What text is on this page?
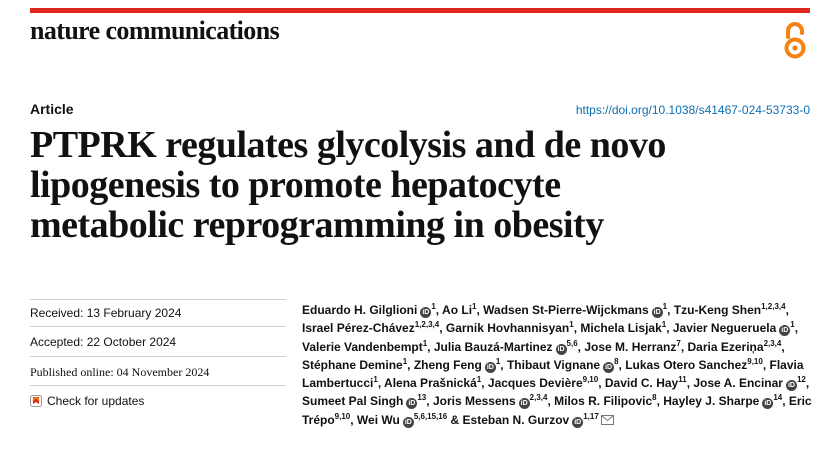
nature communications
Article	https://doi.org/10.1038/s41467-024-53733-0
PTPRK regulates glycolysis and de novo
lipogenesis to promote hepatocyte
metabolic reprogramming in obesity
Received: 13 February 2024
Accepted: 22 October 2024
Published online: 04 November 2024
Check for updates
Eduardo H. Gilglioni $iD^1$, Ao Li$^1$, Wadsen St-Pierre-Wijckmans $iD^1$, Tzu-Keng Shen$^{1,2,3,4}$, Israel Pérez-Chávez$^{1,2,3,4}$, Garnik Hovhannisyan$^1$, Michela Lisjak$^1$, Javier Negueruela $iD^1$, Valerie Vandenbempt$^1$, Julia Bauzá-Martinez iD$^{5,6}$, Jose M. Herranz$^7$, Daria Ezeriņa$^{2,3,4}$, Stéphane Demine$^1$, Zheng Feng $iD^1$, Thibaut Vignane $iD^8$, Lukas Otero Sanchez$^{9,10}$, Flavia Lambertucci$^1$, Alena Prašnická$^1$, Jacques Devière$^{9,10}$, David C. Hay$^{11}$, Jose A. Encinar $iD^{12}$, Sumeet Pal Singh $iD^{13}$, Joris Messens iD$^{2,3,4}$, Milos R. Filipovic$^8$, Hayley J. Sharpe $iD^{14}$, Eric Trépo$^{9,10}$, Wei Wu iD$^{5,6,15,16}$ & Esteban N. Gurzov iD$^{1,17}$
